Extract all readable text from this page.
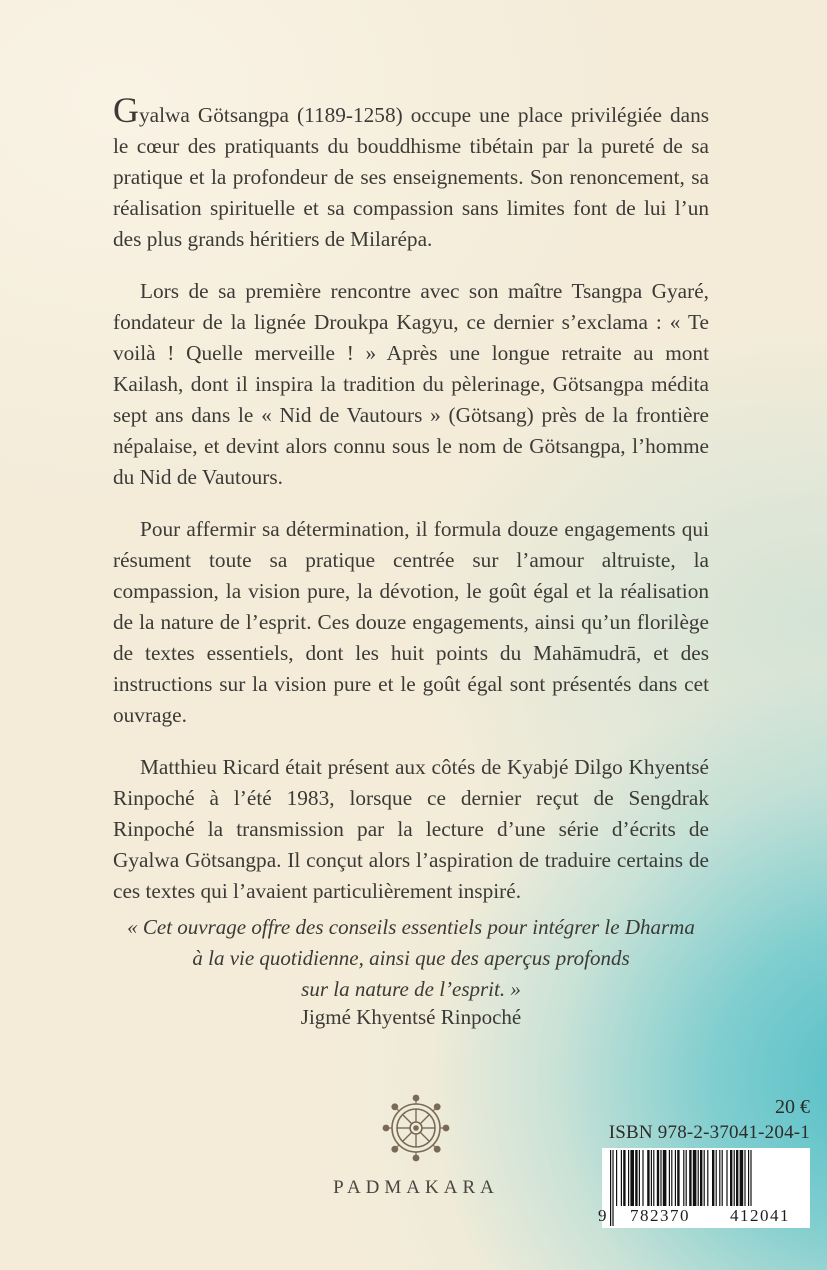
Gyalwa Götsangpa (1189-1258) occupe une place privilégiée dans le cœur des pratiquants du bouddhisme tibétain par la pureté de sa pratique et la profondeur de ses enseignements. Son renoncement, sa réalisation spirituelle et sa compassion sans limites font de lui l’un des plus grands héritiers de Milarépa.

Lors de sa première rencontre avec son maître Tsangpa Gyaré, fondateur de la lignée Droukpa Kagyu, ce dernier s’exclama : « Te voilà ! Quelle merveille ! » Après une longue retraite au mont Kailash, dont il inspira la tradition du pèlerinage, Götsangpa médita sept ans dans le « Nid de Vautours » (Götsang) près de la frontière népalaise, et devint alors connu sous le nom de Götsangpa, l’homme du Nid de Vautours.

Pour affermir sa détermination, il formula douze engagements qui résument toute sa pratique centrée sur l’amour altruiste, la compassion, la vision pure, la dévotion, le goût égal et la réalisation de la nature de l’esprit. Ces douze engagements, ainsi qu’un florilège de textes essentiels, dont les huit points du Mahāmudrā, et des instructions sur la vision pure et le goût égal sont présentés dans cet ouvrage.

Matthieu Ricard était présent aux côtés de Kyabjé Dilgo Khyentsé Rinpoché à l’été 1983, lorsque ce dernier reçut de Sengdrak Rinpoché la transmission par la lecture d’une série d’écrits de Gyalwa Götsangpa. Il conçut alors l’aspiration de traduire certains de ces textes qui l’avaient particulièrement inspiré.

« Cet ouvrage offre des conseils essentiels pour intégrer le Dharma
à la vie quotidienne, ainsi que des aperçus profonds
sur la nature de l’esprit. »
Jigmé Khyentsé Rinpoché
PADMAKARA
20 €
ISBN 978-2-37041-204-1
9 782370 412041
